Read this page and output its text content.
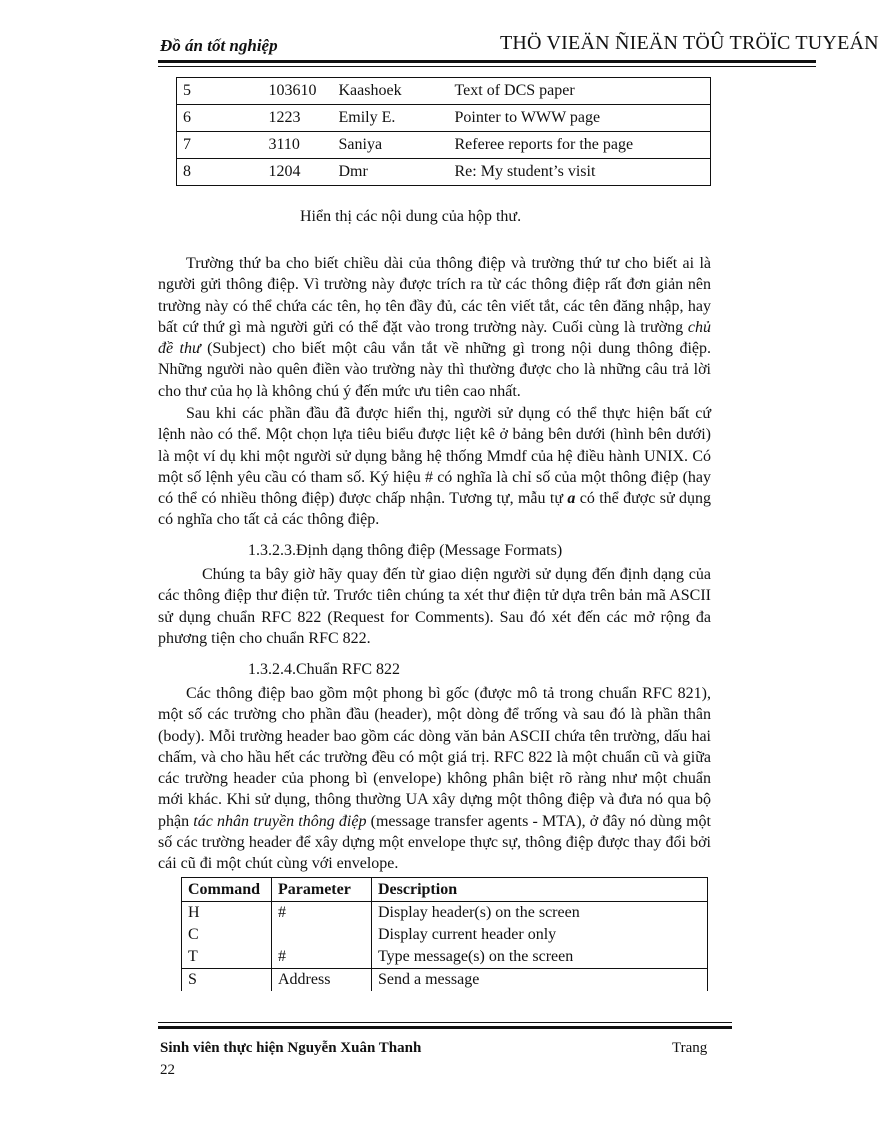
Đồ án tốt nghiệp	THÖ VIEÄN ÑIEÄN TÖÛ TRÖÏC TUYEÁN
5	103610	Kaashoek	Text of DCS paper
6	1223	Emily E.	Pointer to WWW page
7	3110	Saniya	Referee reports for the page
8	1204	Dmr	Re: My student’s visit
Hiển thị các nội dung của hộp thư.

Trường thứ ba cho biết chiều dài của thông điệp và trường thứ tư cho biết ai là người gửi thông điệp. Vì trường này được trích ra từ các thông điệp rất đơn giản nên trường này có thể chứa các tên, họ tên đầy đủ, các tên viết tắt, các tên đăng nhập, hay bất cứ thứ gì mà người gửi có thể đặt vào trong trường này. Cuối cùng là trường chủ đề thư (Subject) cho biết một câu vắn tắt về những gì trong nội dung thông điệp. Những người nào quên điền vào trường này thì thường được cho là những câu trả lời cho thư của họ là không chú ý đến mức ưu tiên cao nhất.

Sau khi các phần đầu đã được hiển thị, người sử dụng có thể thực hiện bất cứ lệnh nào có thể. Một chọn lựa tiêu biểu được liệt kê ở bảng bên dưới (hình bên dưới) là một ví dụ khi một người sử dụng bằng hệ thống Mmdf của hệ điều hành UNIX. Có một số lệnh yêu cầu có tham số. Ký hiệu # có nghĩa là chỉ số của một thông điệp (hay có thể có nhiều thông điệp) được chấp nhận. Tương tự, mẫu tự a có thể được sử dụng có nghĩa cho tất cả các thông điệp.

1.3.2.3.Định dạng thông điệp (Message Formats)

Chúng ta bây giờ hãy quay đến từ giao diện người sử dụng đến định dạng của các thông điệp thư điện tử. Trước tiên chúng ta xét thư điện tử dựa trên bản mã ASCII sử dụng chuẩn RFC 822 (Request for Comments). Sau đó xét đến các mở rộng đa phương tiện cho chuẩn RFC 822.

1.3.2.4.Chuẩn RFC 822

Các thông điệp bao gồm một phong bì gốc (được mô tả trong chuẩn RFC 821), một số các trường cho phần đầu (header), một dòng để trống và sau đó là phần thân (body). Mỗi trường header bao gồm các dòng văn bản ASCII chứa tên trường, dấu hai chấm, và cho hầu hết các trường đều có một giá trị. RFC 822 là một chuẩn cũ và giữa các trường header của phong bì (envelope) không phân biệt rõ ràng như một chuẩn mới khác. Khi sử dụng, thông thường UA xây dựng một thông điệp và đưa nó qua bộ phận tác nhân truyền thông điệp (message transfer agents - MTA), ở đây nó dùng một số các trường header để xây dựng một envelope thực sự, thông điệp được thay đổi bởi cái cũ đi một chút cùng với envelope.

Command	Parameter	Description
H	#	Display header(s) on the screen
C		Display current header only
T	#	Type message(s) on the screen
S	Address	Send a message
Sinh viên thực hiện Nguyễn Xuân Thanh	Trang
22
